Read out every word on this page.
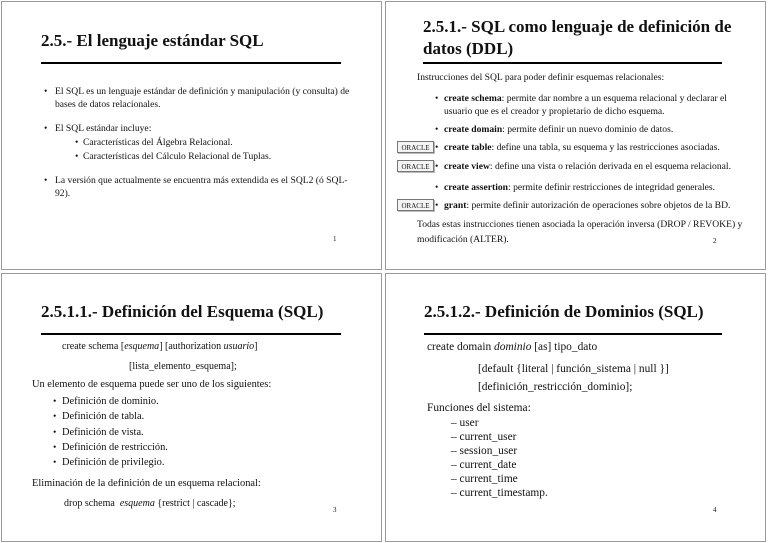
2.5.- El lenguaje estándar SQL
• El SQL es un lenguaje estándar de definición y manipulación (y consulta) de
bases de datos relacionales.
• El SQL estándar incluye:
• Características del Álgebra Relacional.
• Características del Cálculo Relacional de Tuplas.
• La versión que actualmente se encuentra más extendida es el SQL2 (ó SQL-
92).
1
2.5.1.- SQL como lenguaje de definición de
datos (DDL)
Instrucciones del SQL para poder definir esquemas relacionales:
• create schema: permite dar nombre a un esquema relacional y declarar el
usuario que es el creador y propietario de dicho esquema.
• create domain: permite definir un nuevo dominio de datos.
ORACLE • create table: define una tabla, su esquema y las restricciones asociadas.
ORACLE • create view: define una vista o relación derivada en el esquema relacional.
• create assertion: permite definir restricciones de integridad generales.
ORACLE • grant: permite definir autorización de operaciones sobre objetos de la BD.
Todas estas instrucciones tienen asociada la operación inversa (DROP / REVOKE) y
modificación (ALTER).	2
2.5.1.1.- Definición del Esquema (SQL)
create schema [esquema] [authorization usuario]
[lista_elemento_esquema];
Un elemento de esquema puede ser uno de los siguientes:
• Definición de dominio.
• Definición de tabla.
• Definición de vista.
• Definición de restricción.
• Definición de privilegio.
Eliminación de la definición de un esquema relacional:
drop schema  esquema {restrict | cascade};
3
2.5.1.2.- Definición de Dominios (SQL)
create domain dominio [as] tipo_dato
[default {literal | función_sistema | null }]
[definición_restricción_dominio];
Funciones del sistema:
– user
– current_user
– session_user
– current_date
– current_time
– current_timestamp.
4
